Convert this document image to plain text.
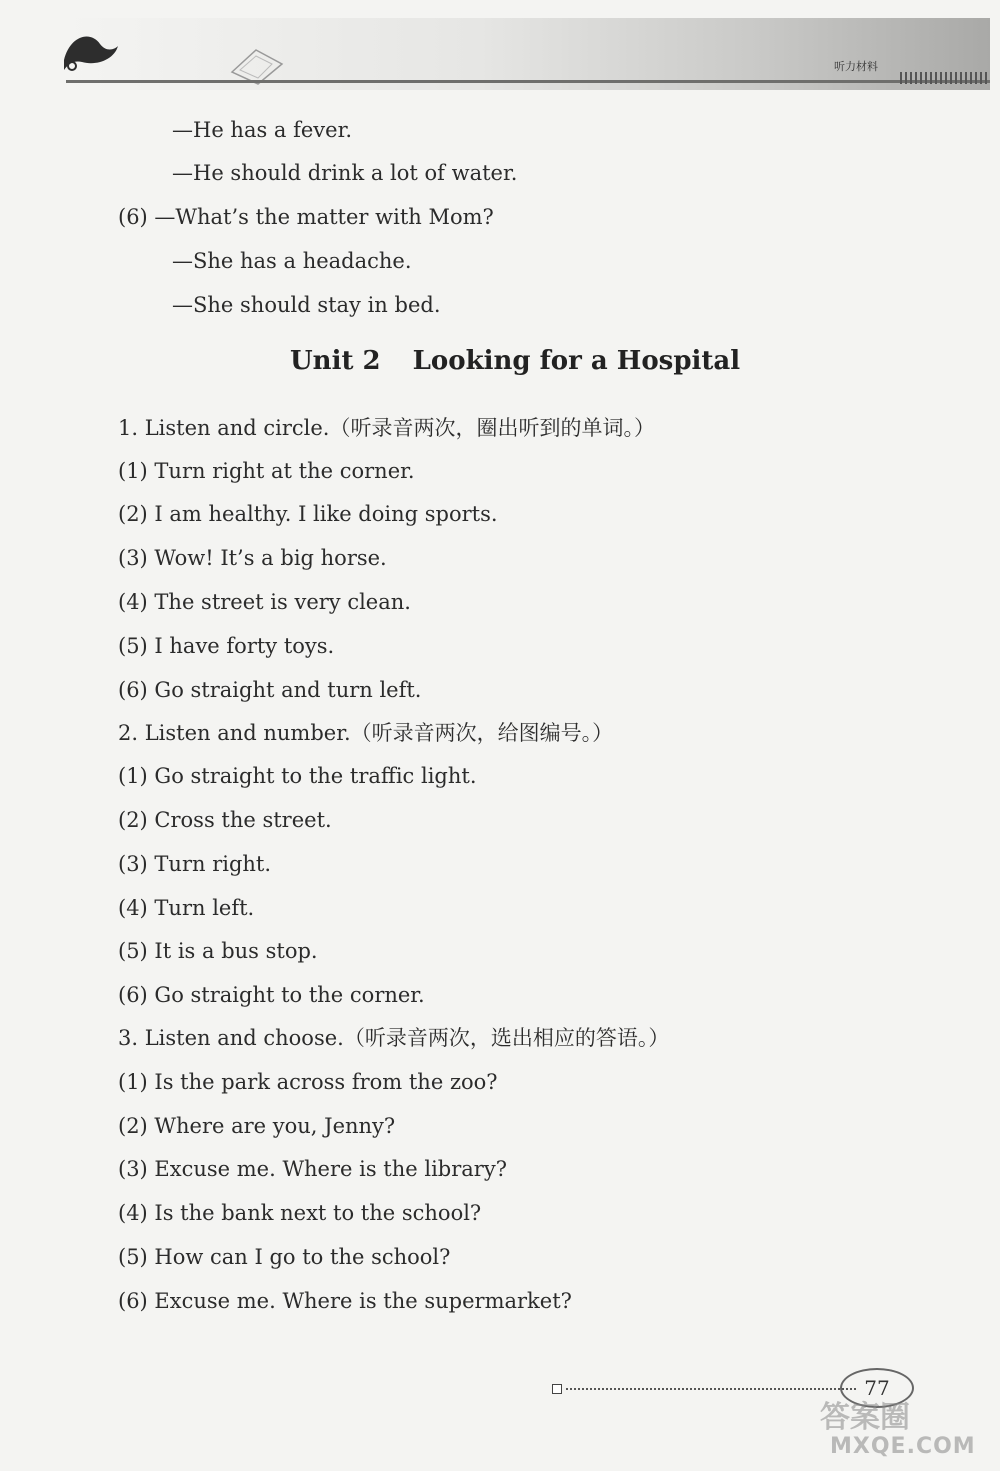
听力材料
—He has a fever.
—He should drink a lot of water.
(6) —What’s the matter with Mom?
—She has a headache.
—She should stay in bed.
Unit 2 Looking for a Hospital
1. Listen and circle.（听录音两次，圈出听到的单词。）
(1) Turn right at the corner.
(2) I am healthy. I like doing sports.
(3) Wow! It’s a big horse.
(4) The street is very clean.
(5) I have forty toys.
(6) Go straight and turn left.
2. Listen and number.（听录音两次，给图编号。）
(1) Go straight to the traffic light.
(2) Cross the street.
(3) Turn right.
(4) Turn left.
(5) It is a bus stop.
(6) Go straight to the corner.
3. Listen and choose.（听录音两次，选出相应的答语。）
(1) Is the park across from the zoo?
(2) Where are you, Jenny?
(3) Excuse me. Where is the library?
(4) Is the bank next to the school?
(5) How can I go to the school?
(6) Excuse me. Where is the supermarket?
77
答案圈
MXQE.COM
